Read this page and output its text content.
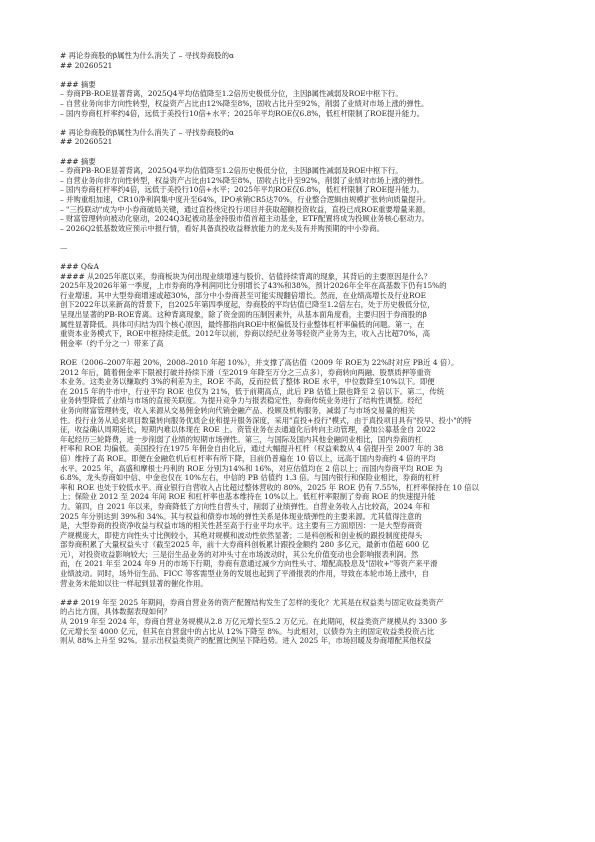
# 再论券商股的β属性为什么消失了 – 寻找券商股的α

## 20260521

### 摘要

– 券商PB-ROE显著背离，2025Q4平均估值降至1.2倍历史极低分位，主因β属性减弱及ROE中枢下行。

– 自营业务向非方向性转型，权益资产占比由12%降至8%，固收占比升至92%，削弱了业绩对市场上涨的弹性。

– 国内券商杠杆率约4倍，远低于美投行10倍+水平；2025年平均ROE仅6.8%，低杠杆限制了ROE提升能力。

# 再论券商股的β属性为什么消失了 – 寻找券商股的α

## 20260521

### 摘要

– 券商PB-ROE显著背离，2025Q4平均估值降至1.2倍历史极低分位，主因β属性减弱及ROE中枢下行。

– 自营业务向非方向性转型，权益资产占比由12%降至8%，固收占比升至92%，削弱了业绩对市场上涨的弹性。

– 国内券商杠杆率约4倍，远低于美投行10倍+水平；2025年平均ROE仅6.8%，低杠杆限制了ROE提升能力。

– 并购重组加速，CR10净利润集中度升至64%，IPO承销CR5达70%，行业整合逻辑由规模扩张转向质量提升。

– "三投联动"成为中小券商破局关键，通过直投绕定投行项目并获取超额投资收益，直投已成ROE重要增量来源。

– 财富管理转向被动化驱动，2024Q3起被动基金持股市值首超主动基金，ETF配置将成为投顾业务核心驱动力。

– 2026Q2低基数效应预示中报行情，看好具备真投收益释放能力的龙头及有并购预期的中小券商。

—

### Q&A

#### 从2025年底以来，券商板块为何出现业绩增速与股价、估值持续背离的现象，其背后的主要原因是什么？

2025年及2026年第一季度，上市券商的净利润同比分别增长了43%和38%，预计2026年全年在高基数下仍有15%的
行业增速。其中大型券商增速或超30%，部分中小券商甚至可能实现翻倍增长。然而，在业绩高增长及行业ROE
创下2022年以来新高的背景下，自2025年第四季度起，券商股的平均估值已降至1.2倍左右，处于历史极低分位，
呈现出显著的PB-ROE背离。这种背离现象，除了资金面的压制因素外，从基本面角度看，主要归因于券商股的β
属性显著降低。具体可归结为四个核心原因，最终都指向ROE中枢偏低及行业整体杠杆率偏低的问题。第一，在
重资本业务模式下，ROE中枢持续走低。2012年以前，券商以经纪业务等轻资产业务为主，收入占比超70%，高
佣金率（约千分之一）带来了高
ROE（2006–2007年超 20%，2008–2010 年超 10%），并支撑了高估值（2009 年 ROE为 22%时对应 PB近 4 倍）。
2012 年后，随着佣金率下限被打破并持续下滑（至2019 年降至万分之三点多），券商转向两融、股票质押等重资
本业务。这类业务以赚取约 3%的利差为主，ROE 不高，反而拉低了整体 ROE 水平，中位数降至10%以下。即便
在 2015 年的牛市中，行业平均 ROE 也仅为 21%，低于前期高点，此后 PB 估值上限也降至 2 倍以下。第二，传统
业务转型降低了业绩与市场的直接关联度。为提升竞争力与报表稳定性，券商传统业务进行了结构性调整。经纪
业务向财富管理转变，收入来源从交易佣金转向代销金融产品、投顾及机构服务，减弱了与市场交易量的相关
性。投行业务从追求项目数量转向服务优质企业和提升服务深度，采用"直投+投行"模式，由于真投项目具有"投早、投小"的特
征，收益确认周期延长，短期内难以体现在 ROE 上。资管业务在去通道化后转向主动管理，叠加公募基金自 2022
年起经历三轮降费，进一步削弱了业绩的短期市场弹性。第三，与国际及国内其他金融同业相比，国内券商的杠
杆率和 ROE 均偏低。美国投行在1975 年佣金自由化后，通过大幅提升杠杆（权益乘数从 4 倍提升至 2007 年的 38
倍）维持了高 ROE。即便在金融危机后杠杆率有所下降，目前仍普遍在 10 倍以上，远高于国内券商约 4 倍的平均
水平。2025 年，高盛和摩根士丹利的 ROE 分别为14%和 16%，对应估值均在 2 倍以上；而国内券商平均 ROE 为
6.8%，龙头券商如中信、中金也仅在 10%左右，中信的 PB 估值约 1.3 倍。与国内银行和保险业相比，券商的杠杆
率和 ROE 也处于较低水平。商业银行自营收入占比超过整体营收的 80%，2025 年 ROE 仍有 7.55%，杠杆率保持在 10 倍以
上；保险业 2012 至 2024 年间 ROE 和杠杆率也基本维持在 10%以上。低杠杆率限制了券商 ROE 的快速提升能
力。第四，自 2021 年以来，券商降低了方向性自营头寸，削弱了业绩弹性。自营业务收入占比较高，2024 年和
2025 年分别达到 39%和 34%。其与权益和债券市场的弹性关系是体现业绩弹性的主要来源。尤其值得注意的
是，大型券商的投资净收益与权益市场的相关性甚至高于行业平均水平。这主要有三方面原因：一是大型券商资
产规模庞大，即使方向性头寸比例较小，其绝对规模和波动性依然显著；二是科创板和创业板的跟投制度使得头
部券商积累了大量权益头寸（截至2025 年，前十大券商科创板累计跟投金额约 280 多亿元，最新市值超 600 亿
元），对投资收益影响较大；三是衍生品业务的对冲头寸在市场波动时，其公允价值变动也会影响报表利润。然
而，在 2021 年至 2024 年9 月的市场下行期，券商有意通过减少方向性头寸、增配高股息及"固收+"等资产来平滑
业绩波动。同时，场外衍生品、FICC 等客需型业务的发展也起到了平滑报表的作用，导致在本轮市场上涨中，自
营业务未能如以往一样起到显著的催化作用。

### 2019 年至 2025 年期间，券商自营业务的资产配置结构发生了怎样的变化？尤其是在权益类与固定收益类资产

的占比方面，具体数据表现如何？

从 2019 年至 2024 年，券商自营业务规模从2.8 万亿元增长至5.2 万亿元。在此期间，权益类资产规模从约 3300 多
亿元增长至 4000 亿元，但其在自营盘中的占比从 12%下降至 8%。与此相对，以债券为主的固定收益类投资占比
则从 88%上升至 92%。显示出权益类资产的配置比例呈下降趋势。进入 2025 年，市场回暖及券商增配其他权益
